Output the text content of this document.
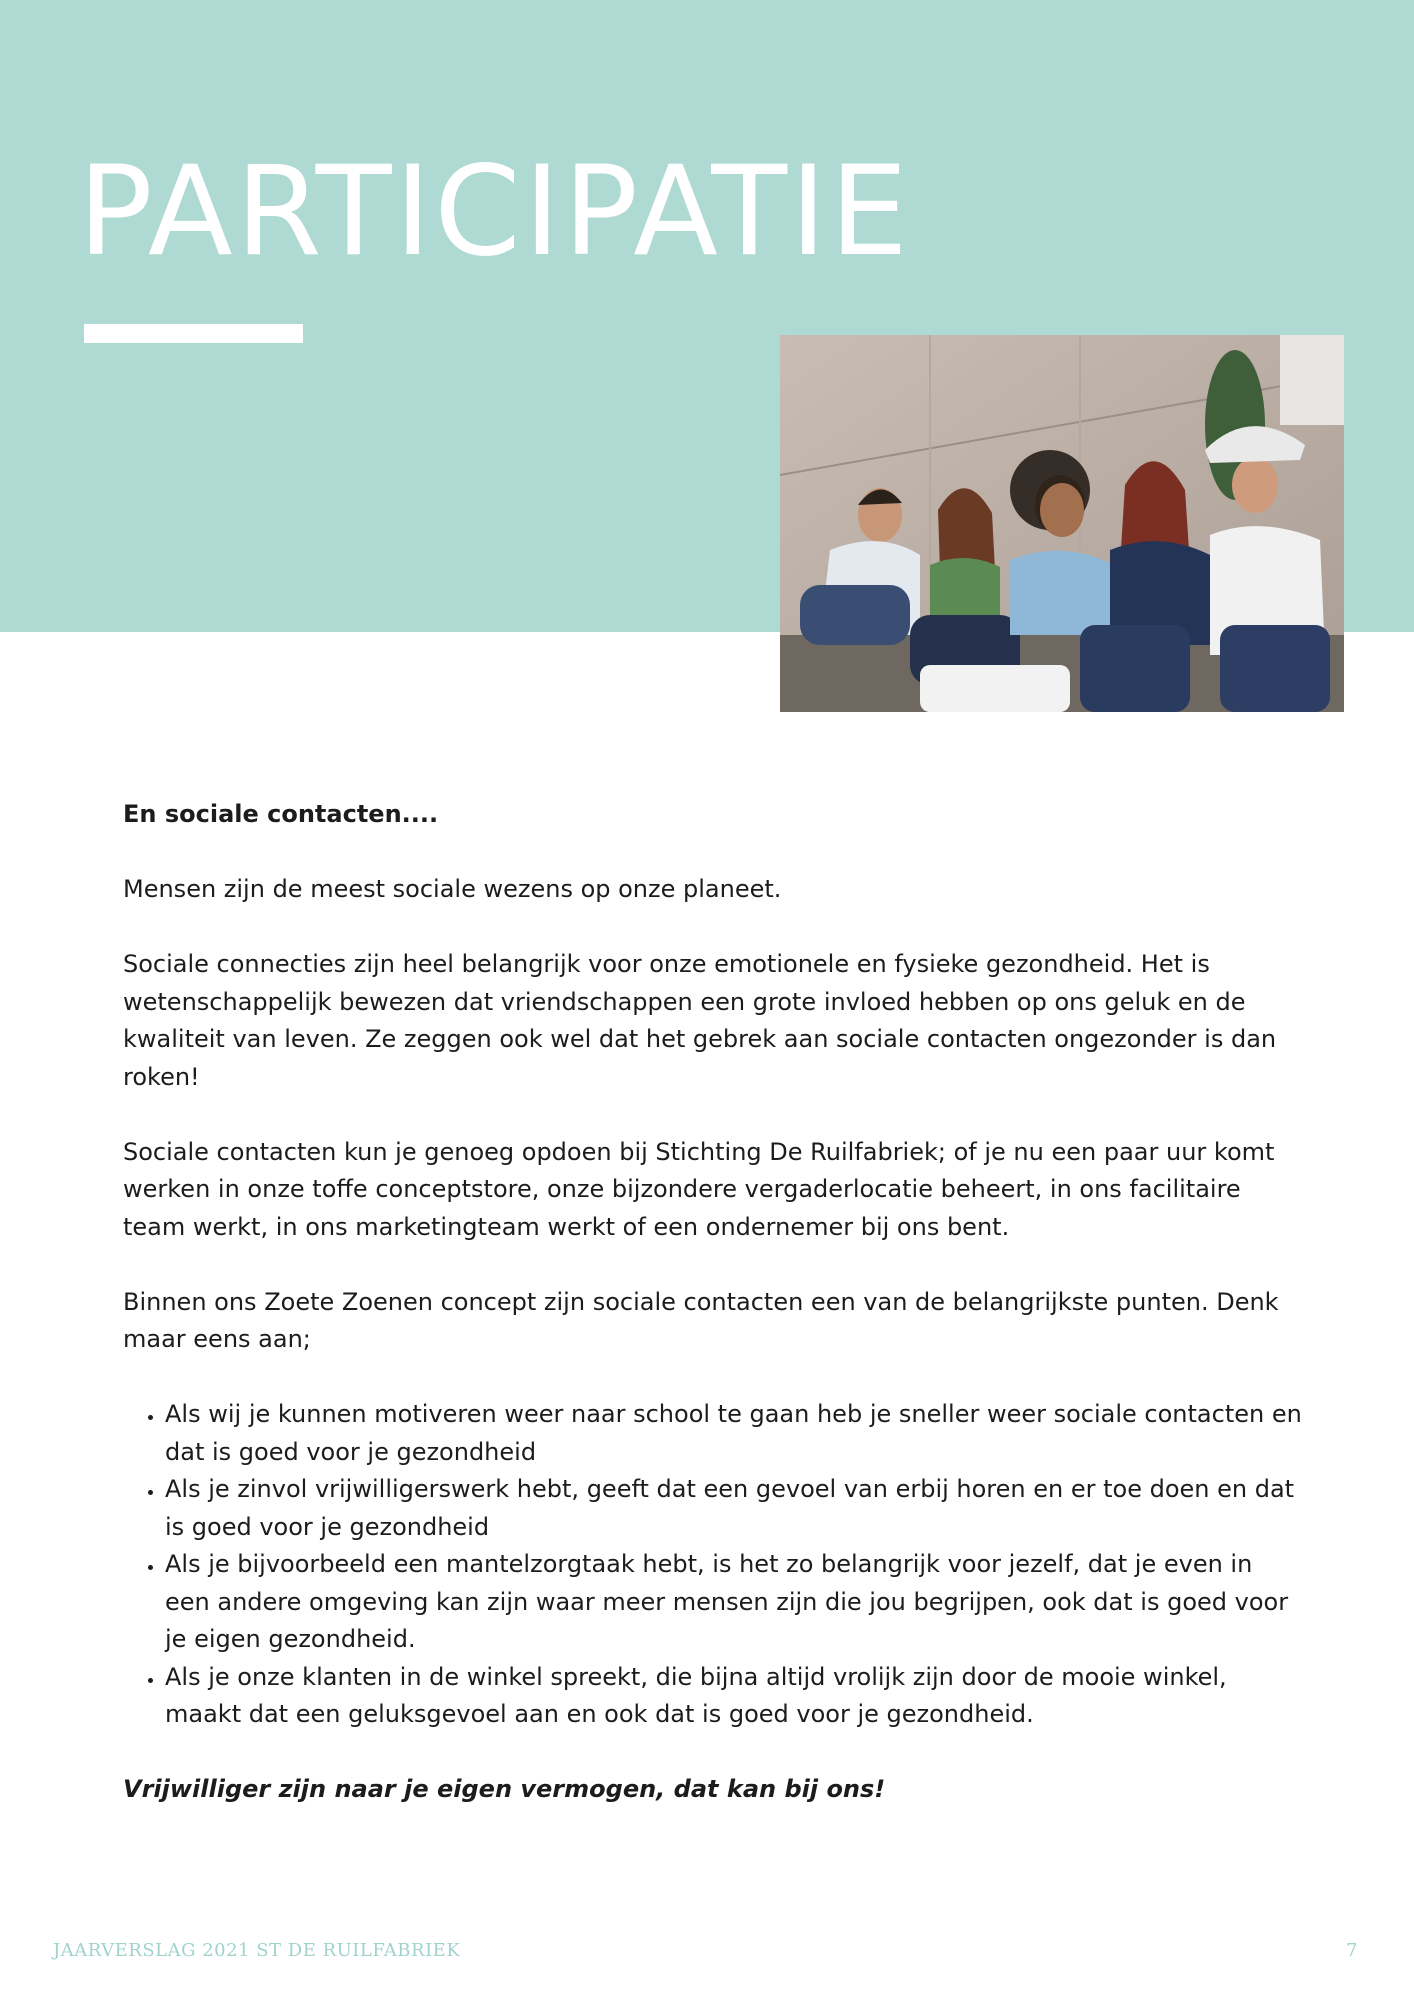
PARTICIPATIE

En sociale contacten....

Mensen zijn de meest sociale wezens op onze planeet.

Sociale connecties zijn heel belangrijk voor onze emotionele en fysieke gezondheid. Het is wetenschappelijk bewezen dat vriendschappen een grote invloed hebben op ons geluk en de kwaliteit van leven. Ze zeggen ook wel dat het gebrek aan sociale contacten ongezonder is dan roken!

Sociale contacten kun je genoeg opdoen bij Stichting De Ruilfabriek; of je nu een paar uur komt werken in onze toffe conceptstore, onze bijzondere vergaderlocatie beheert, in ons facilitaire team werkt, in ons marketingteam werkt of een ondernemer bij ons bent.

Binnen ons Zoete Zoenen concept zijn sociale contacten een van de belangrijkste punten. Denk maar eens aan;

• Als wij je kunnen motiveren weer naar school te gaan heb je sneller weer sociale contacten en dat is goed voor je gezondheid
• Als je zinvol vrijwilligerswerk hebt, geeft dat een gevoel van erbij horen en er toe doen en dat is goed voor je gezondheid
• Als je bijvoorbeeld een mantelzorgtaak hebt, is het zo belangrijk voor jezelf, dat je even in een andere omgeving kan zijn waar meer mensen zijn die jou begrijpen, ook dat is goed voor je eigen gezondheid.
• Als je onze klanten in de winkel spreekt, die bijna altijd vrolijk zijn door de mooie winkel, maakt dat een geluksgevoel aan en ook dat is goed voor je gezondheid.

Vrijwilliger zijn naar je eigen vermogen, dat kan bij ons!

JAARVERSLAG 2021 ST DE RUILFABRIEK	7
